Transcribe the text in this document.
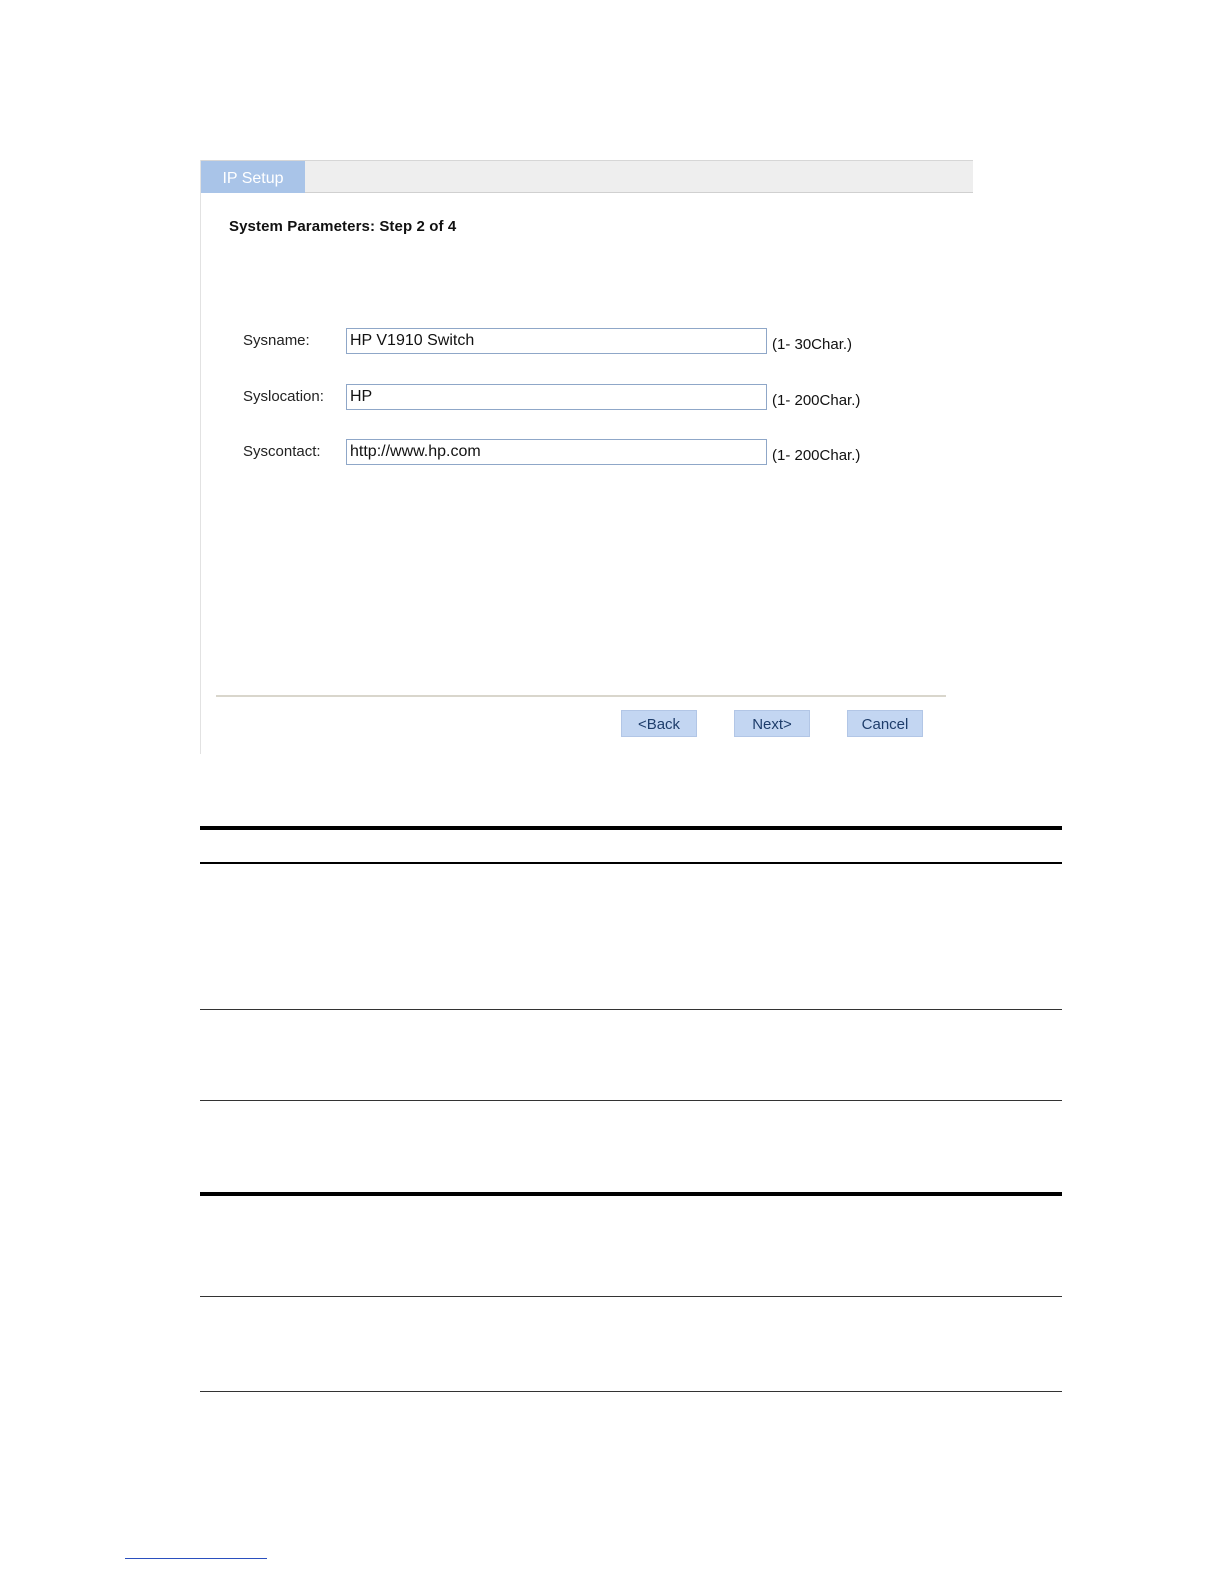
IP Setup
System Parameters: Step 2 of 4
Sysname:
HP V1910 Switch	(1- 30Char.)
Syslocation:
HP	(1- 200Char.)
Syscontact:
http://www.hp.com	(1- 200Char.)
<Back	Next>	Cancel
